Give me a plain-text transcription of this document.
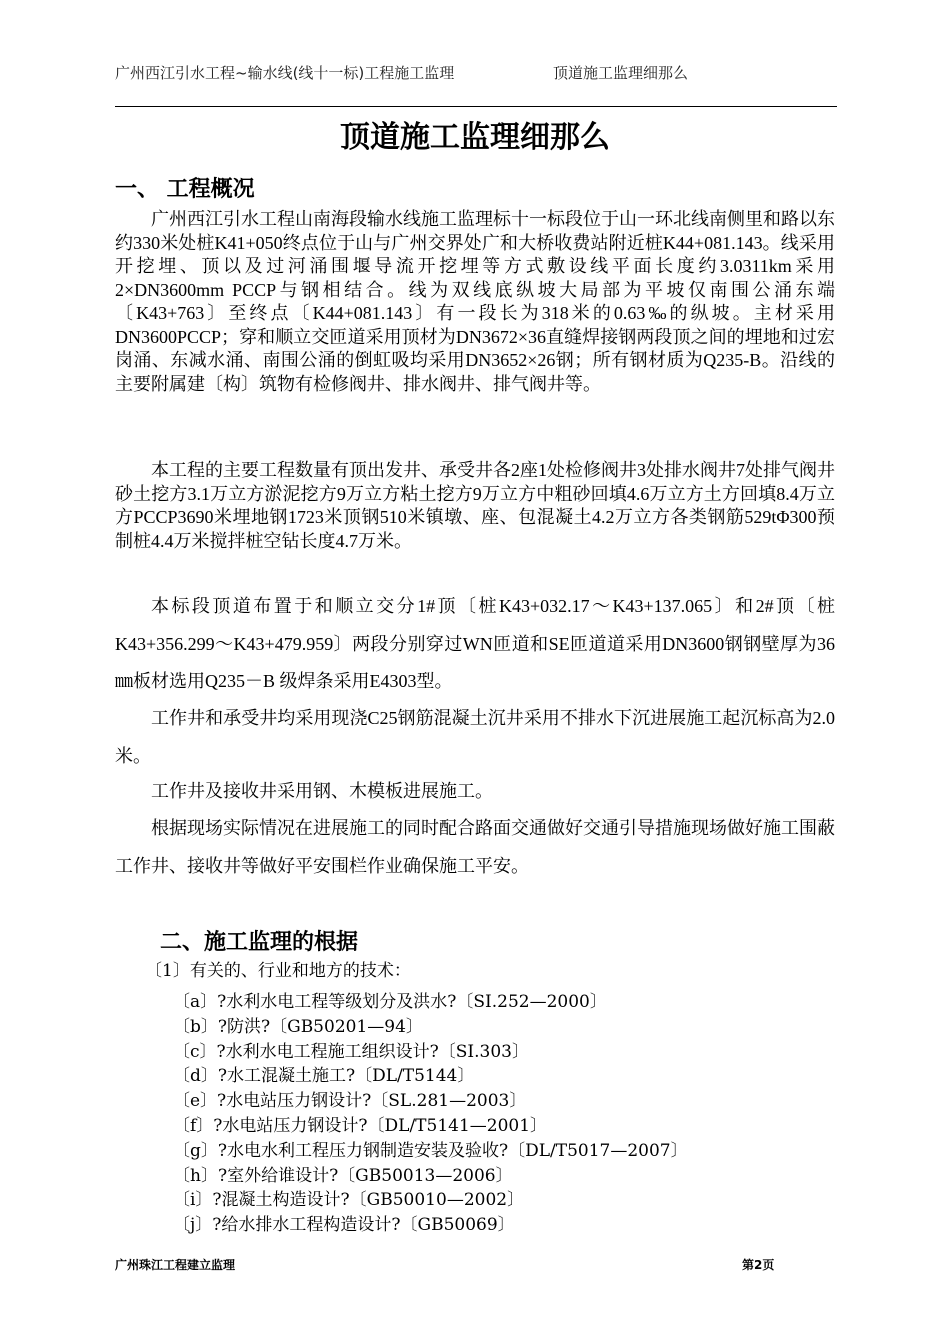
广州西江引水工程~输水线(线十一标)工程施工监理	顶道施工监理细那么
顶道施工监理细那么
一、 工程概况
广州西江引水工程山南海段输水线施工监理标十一标段位于山一环北线南侧里和路以东约330米处桩K41+050终点位于山与广州交界处广和大桥收费站附近桩K44+081.143。线采用开挖埋、顶以及过河涌围堰导流开挖埋等方式敷设线平面长度约3.0311km采用2×DN3600mm PCCP与钢相结合。线为双线底纵坡大局部为平坡仅南围公涌东端〔K43+763〕至终点〔K44+081.143〕有一段长为318米的0.63‰的纵坡。主材采用DN3600PCCP；穿和顺立交匝道采用顶材为DN3672×36直缝焊接钢两段顶之间的埋地和过宏岗涌、东减水涌、南围公涌的倒虹吸均采用DN3652×26钢；所有钢材质为Q235-B。沿线的主要附属建〔构〕筑物有检修阀井、排水阀井、排气阀井等。
本工程的主要工程数量有顶出发井、承受井各2座1处检修阀井3处排水阀井7处排气阀井砂土挖方3.1万立方淤泥挖方9万立方粘土挖方9万立方中粗砂回填4.6万立方土方回填8.4万立方PCCP3690米埋地钢1723米顶钢510米镇墩、座、包混凝土4.2万立方各类钢筋529tΦ300预制桩4.4万米搅拌桩空钻长度4.7万米。
本标段顶道布置于和顺立交分1#顶〔桩K43+032.17～K43+137.065〕和2#顶〔桩K43+356.299～K43+479.959〕两段分别穿过WN匝道和SE匝道道采用DN3600钢钢壁厚为36㎜板材选用Q235－B 级焊条采用E4303型。
工作井和承受井均采用现浇C25钢筋混凝土沉井采用不排水下沉进展施工起沉标高为2.0米。
工作井及接收井采用钢、木模板进展施工。
根据现场实际情况在进展施工的同时配合路面交通做好交通引导措施现场做好施工围蔽工作井、接收井等做好平安围栏作业确保施工平安。
二、施工监理的根据
〔1〕有关的、行业和地方的技术：
〔a〕?水利水电工程等级划分及洪水?〔SI.252—2000〕
〔b〕?防洪?〔GB50201—94〕
〔c〕?水利水电工程施工组织设计?〔SI.303〕
〔d〕?水工混凝土施工?〔DL/T5144〕
〔e〕?水电站压力钢设计?〔SL.281—2003〕
〔f〕?水电站压力钢设计?〔DL/T5141—2001〕
〔g〕?水电水利工程压力钢制造安装及验收?〔DL/T5017—2007〕
〔h〕?室外给谁设计?〔GB50013—2006〕
〔i〕?混凝土构造设计?〔GB50010—2002〕
〔j〕?给水排水工程构造设计?〔GB50069〕
广州珠江工程建立监理	第2页
